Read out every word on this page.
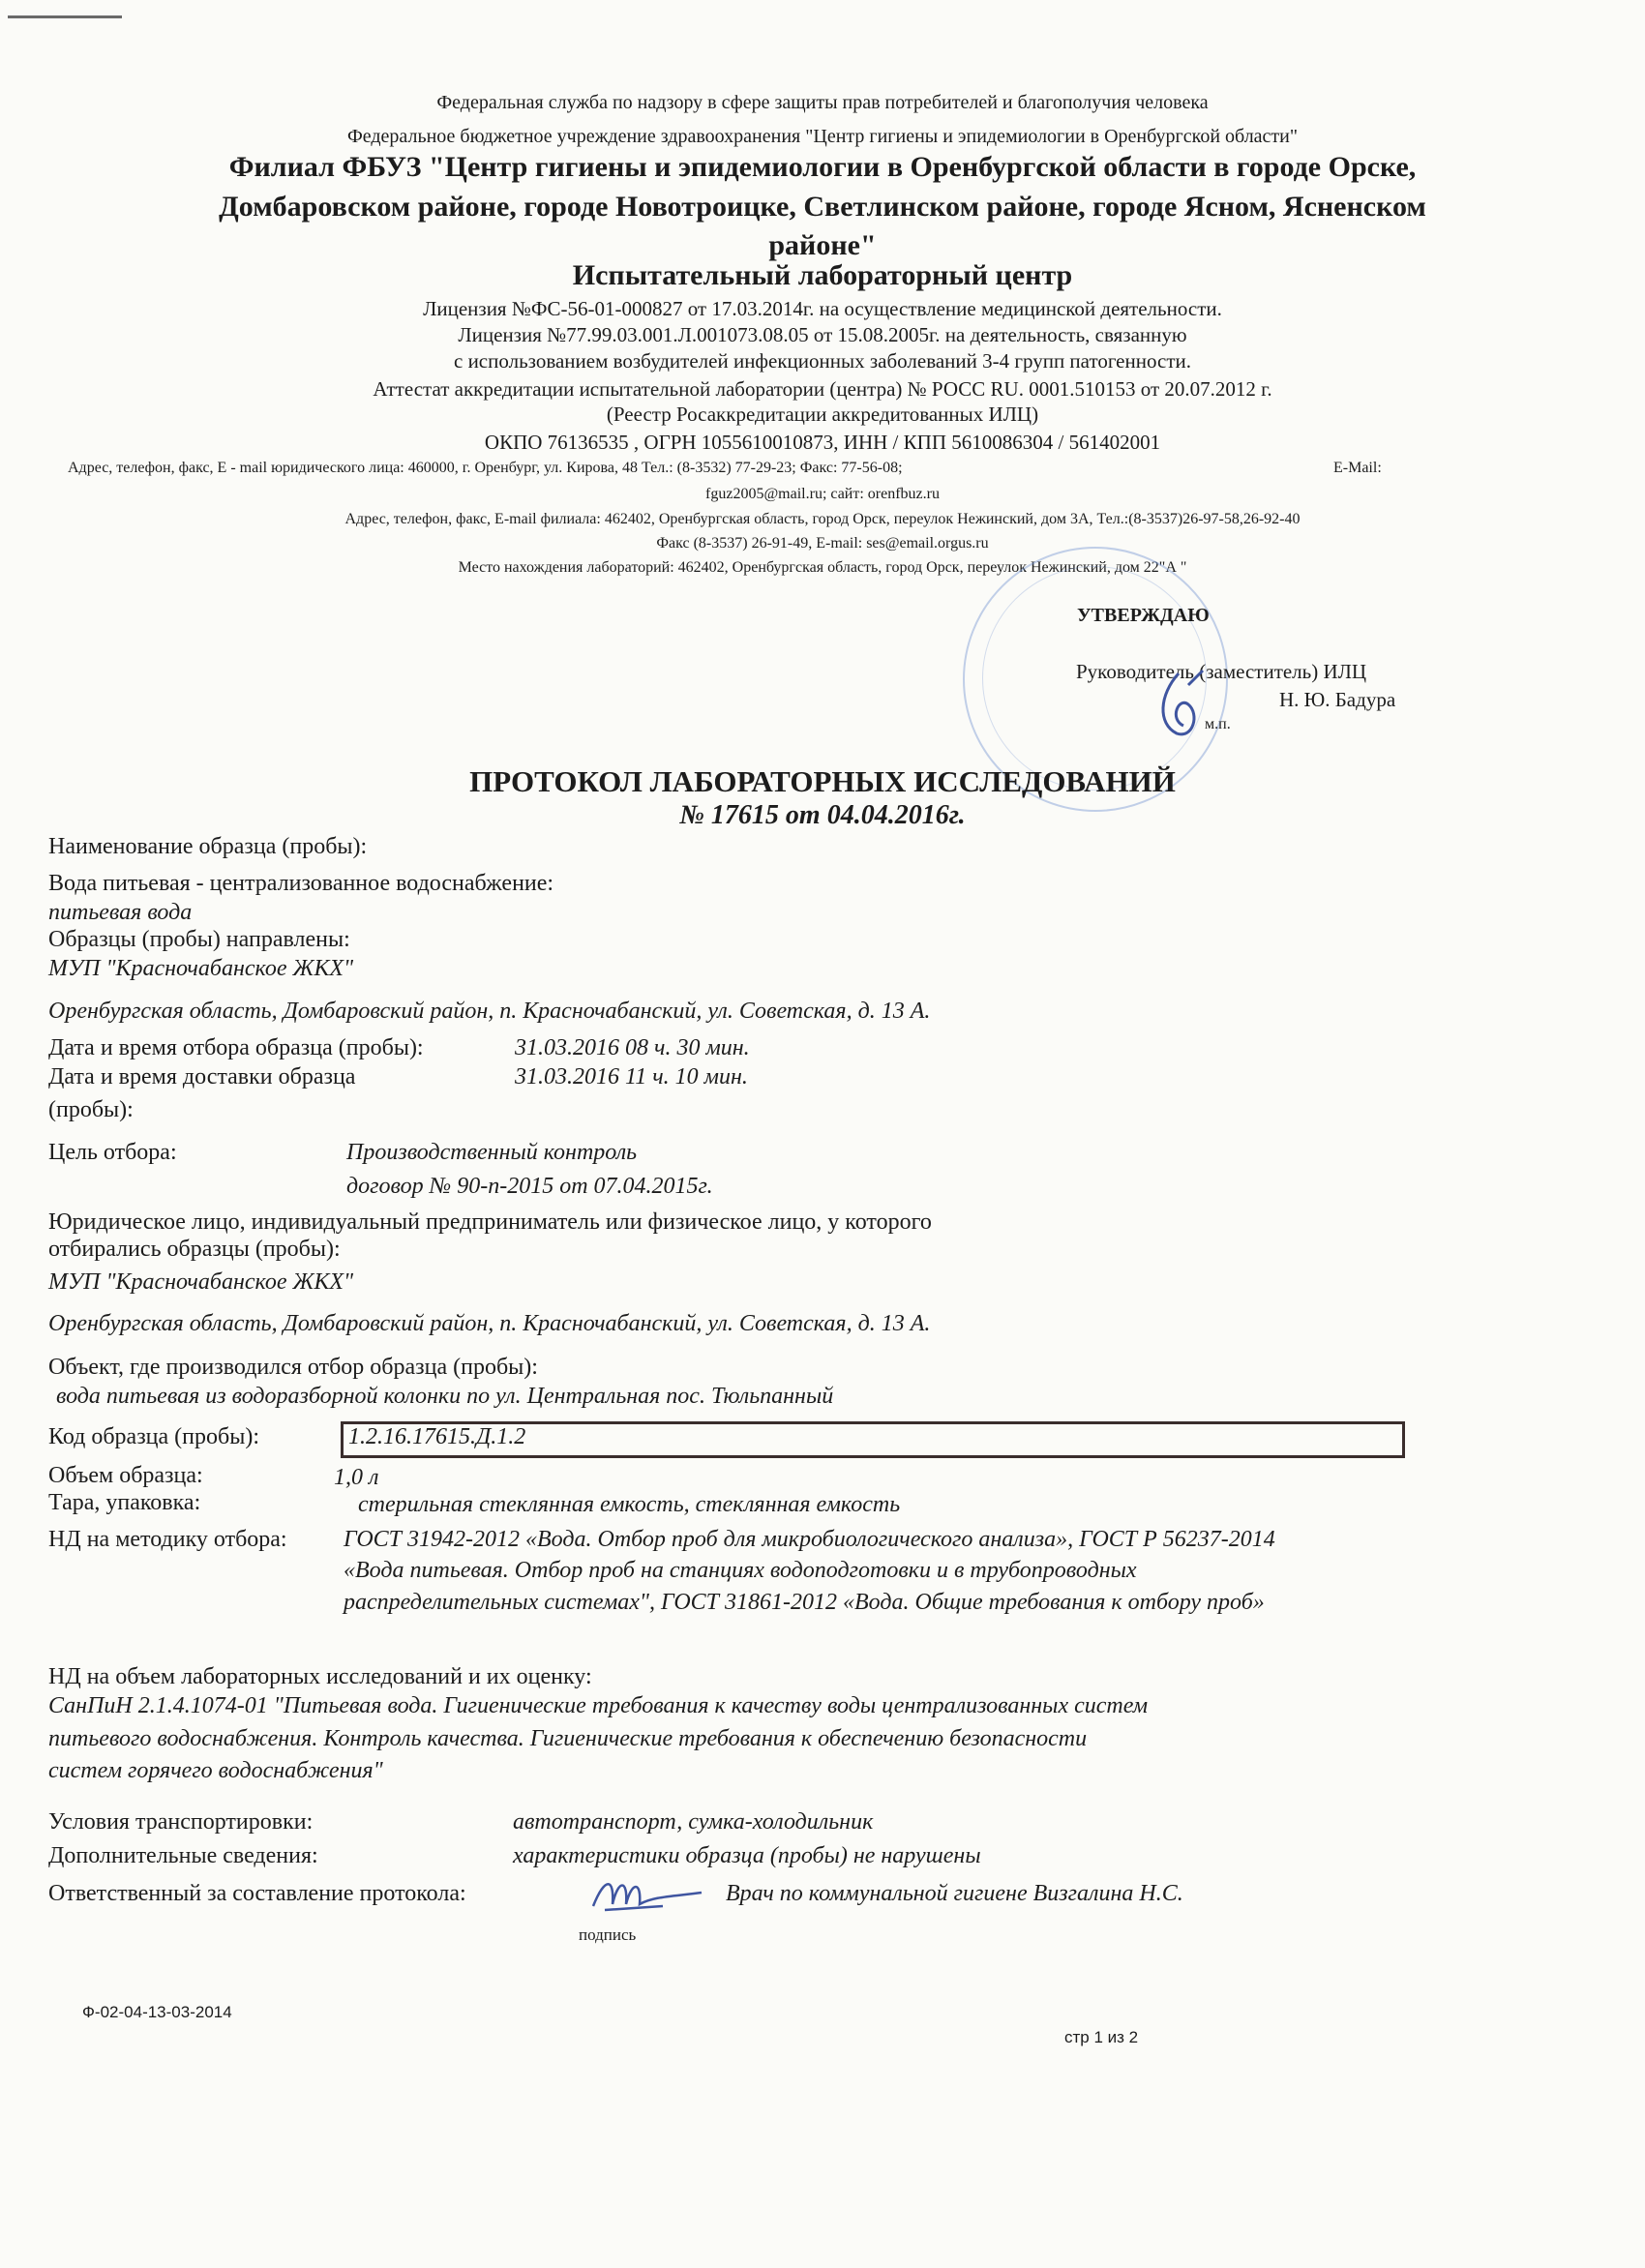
Федеральная служба по надзору в сфере защиты прав потребителей и благополучия человека
Федеральное бюджетное учреждение здравоохранения "Центр гигиены и эпидемиологии в Оренбургской области"
Филиал ФБУЗ "Центр гигиены и эпидемиологии в Оренбургской области в городе Орске,
Домбаровском районе, городе Новотроицке, Светлинском районе, городе Ясном, Ясненском
районе"
Испытательный лабораторный центр
Лицензия №ФС-56-01-000827 от 17.03.2014г. на осуществление медицинской деятельности.
Лицензия №77.99.03.001.Л.001073.08.05 от 15.08.2005г. на деятельность, связанную
с использованием возбудителей инфекционных заболеваний 3-4 групп патогенности.
Аттестат аккредитации испытательной лаборатории (центра) № РОСС RU. 0001.510153 от 20.07.2012 г.
(Реестр Росаккредитации аккредитованных ИЛЦ)
ОКПО 76136535 , ОГРН 1055610010873, ИНН / КПП 5610086304 / 561402001
Адрес, телефон, факс, Е - mail юридического лица: 460000, г. Оренбург, ул. Кирова, 48 Тел.: (8-3532) 77-29-23; Факс: 77-56-08;	E-Mail:
fguz2005@mail.ru; сайт: orenfbuz.ru
Адрес, телефон, факс, E-mail филиала: 462402, Оренбургская область, город Орск, переулок Нежинский, дом 3А, Тел.:(8-3537)26-97-58,26-92-40
Факс (8-3537) 26-91-49, E-mail: ses@email.orgus.ru
Место нахождения лабораторий: 462402, Оренбургская область, город Орск, переулок Нежинский, дом 22"А "
УТВЕРЖДАЮ
Руководитель (заместитель) ИЛЦ
Н. Ю. Бадура
м.п.
ПРОТОКОЛ ЛАБОРАТОРНЫХ ИССЛЕДОВАНИЙ
№ 17615 от 04.04.2016г.
Наименование образца (пробы):
Вода питьевая - централизованное водоснабжение:
питьевая вода
Образцы (пробы) направлены:
МУП "Красночабанское ЖКХ"
Оренбургская область, Домбаровский район, п. Красночабанский, ул. Советская, д. 13 А.
Дата и время отбора образца (пробы):	31.03.2016 08 ч. 30 мин.
Дата и время доставки образца	31.03.2016 11 ч. 10 мин.
(пробы):
Цель отбора:	Производственный контроль
договор № 90-п-2015 от 07.04.2015г.
Юридическое лицо, индивидуальный предприниматель или физическое лицо, у которого
отбирались образцы (пробы):
МУП "Красночабанское ЖКХ"
Оренбургская область, Домбаровский район, п. Красночабанский, ул. Советская, д. 13 А.
Объект, где производился отбор образца (пробы):
вода питьевая из водоразборной колонки по ул. Центральная пос. Тюльпанный
Код образца (пробы):	1.2.16.17615.Д.1.2
Объем образца:	1,0 л
Тара, упаковка:	стерильная стеклянная емкость, стеклянная емкость
НД на методику отбора: ГОСТ 31942-2012 «Вода. Отбор проб для микробиологического анализа», ГОСТ Р 56237-2014
«Вода питьевая. Отбор проб на станциях водоподготовки и в трубопроводных
распределительных системах", ГОСТ 31861-2012 «Вода. Общие требования к отбору проб»
НД на объем лабораторных исследований и их оценку:
СанПиН 2.1.4.1074-01 "Питьевая вода. Гигиенические требования к качеству воды централизованных систем
питьевого водоснабжения. Контроль качества. Гигиенические требования к обеспечению безопасности
систем горячего водоснабжения"
Условия транспортировки:	автотранспорт, сумка-холодильник
Дополнительные сведения:	характеристики образца (пробы) не нарушены
Ответственный за составление протокола:
подпись
Врач по коммунальной гигиене Визгалина Н.С.
Ф-02-04-13-03-2014
стр 1 из 2
